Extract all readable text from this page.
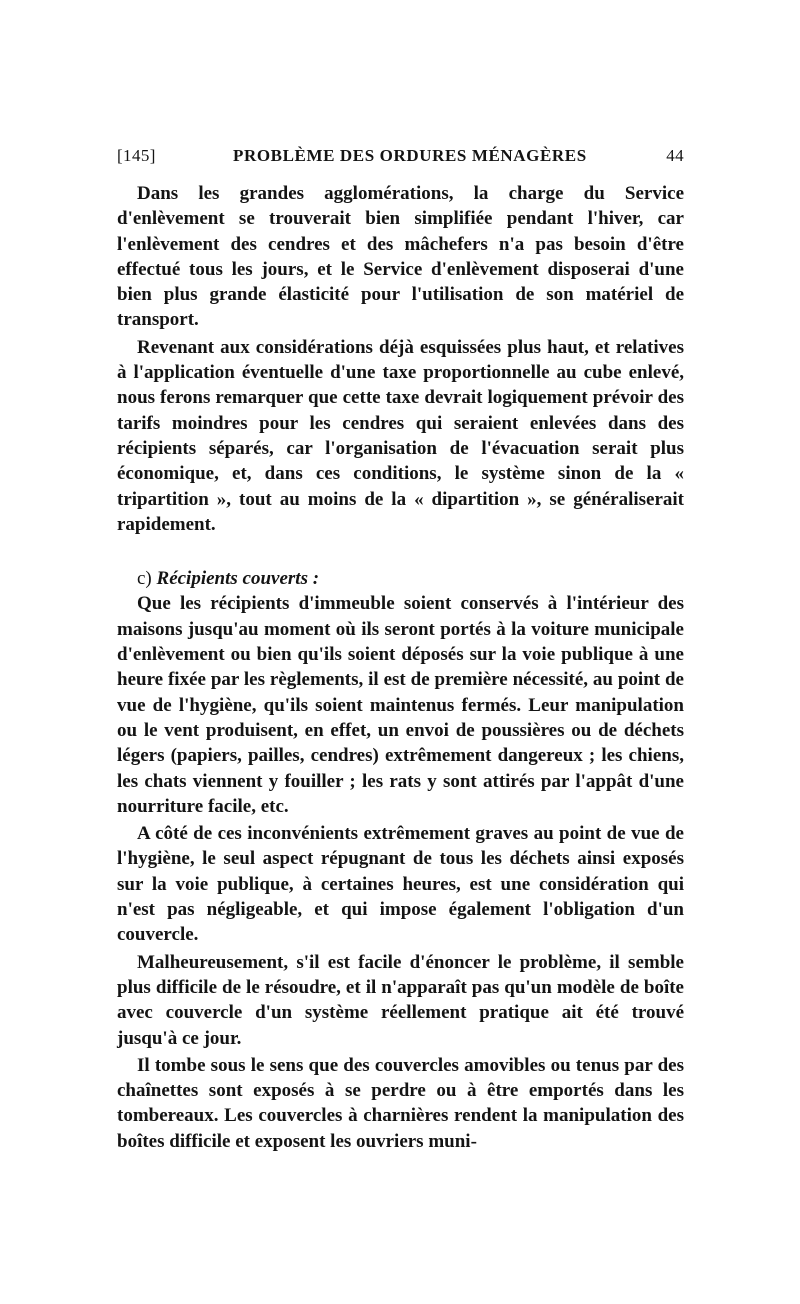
[145]	PROBLÈME DES ORDURES MÉNAGÈRES	44

Dans les grandes agglomérations, la charge du Service d'enlèvement se trouverait bien simplifiée pendant l'hiver, car l'enlèvement des cendres et des mâchefers n'a pas besoin d'être effectué tous les jours, et le Service d'enlèvement disposerai d'une bien plus grande élasticité pour l'utilisation de son matériel de transport.

Revenant aux considérations déjà esquissées plus haut, et relatives à l'application éventuelle d'une taxe proportionnelle au cube enlevé, nous ferons remarquer que cette taxe devrait logiquement prévoir des tarifs moindres pour les cendres qui seraient enlevées dans des récipients séparés, car l'organisation de l'évacuation serait plus économique, et, dans ces conditions, le système sinon de la « tripartition », tout au moins de la « dipartition », se généraliserait rapidement.

c) Récipients couverts :

Que les récipients d'immeuble soient conservés à l'intérieur des maisons jusqu'au moment où ils seront portés à la voiture municipale d'enlèvement ou bien qu'ils soient déposés sur la voie publique à une heure fixée par les règlements, il est de première nécessité, au point de vue de l'hygiène, qu'ils soient maintenus fermés. Leur manipulation ou le vent produisent, en effet, un envoi de poussières ou de déchets légers (papiers, pailles, cendres) extrêmement dangereux ; les chiens, les chats viennent y fouiller ; les rats y sont attirés par l'appât d'une nourriture facile, etc.

A côté de ces inconvénients extrêmement graves au point de vue de l'hygiène, le seul aspect répugnant de tous les déchets ainsi exposés sur la voie publique, à certaines heures, est une considération qui n'est pas négligeable, et qui impose également l'obligation d'un couvercle.

Malheureusement, s'il est facile d'énoncer le problème, il semble plus difficile de le résoudre, et il n'apparaît pas qu'un modèle de boîte avec couvercle d'un système réellement pratique ait été trouvé jusqu'à ce jour.

Il tombe sous le sens que des couvercles amovibles ou tenus par des chaînettes sont exposés à se perdre ou à être emportés dans les tombereaux. Les couvercles à charnières rendent la manipulation des boîtes difficile et exposent les ouvriers muni-
